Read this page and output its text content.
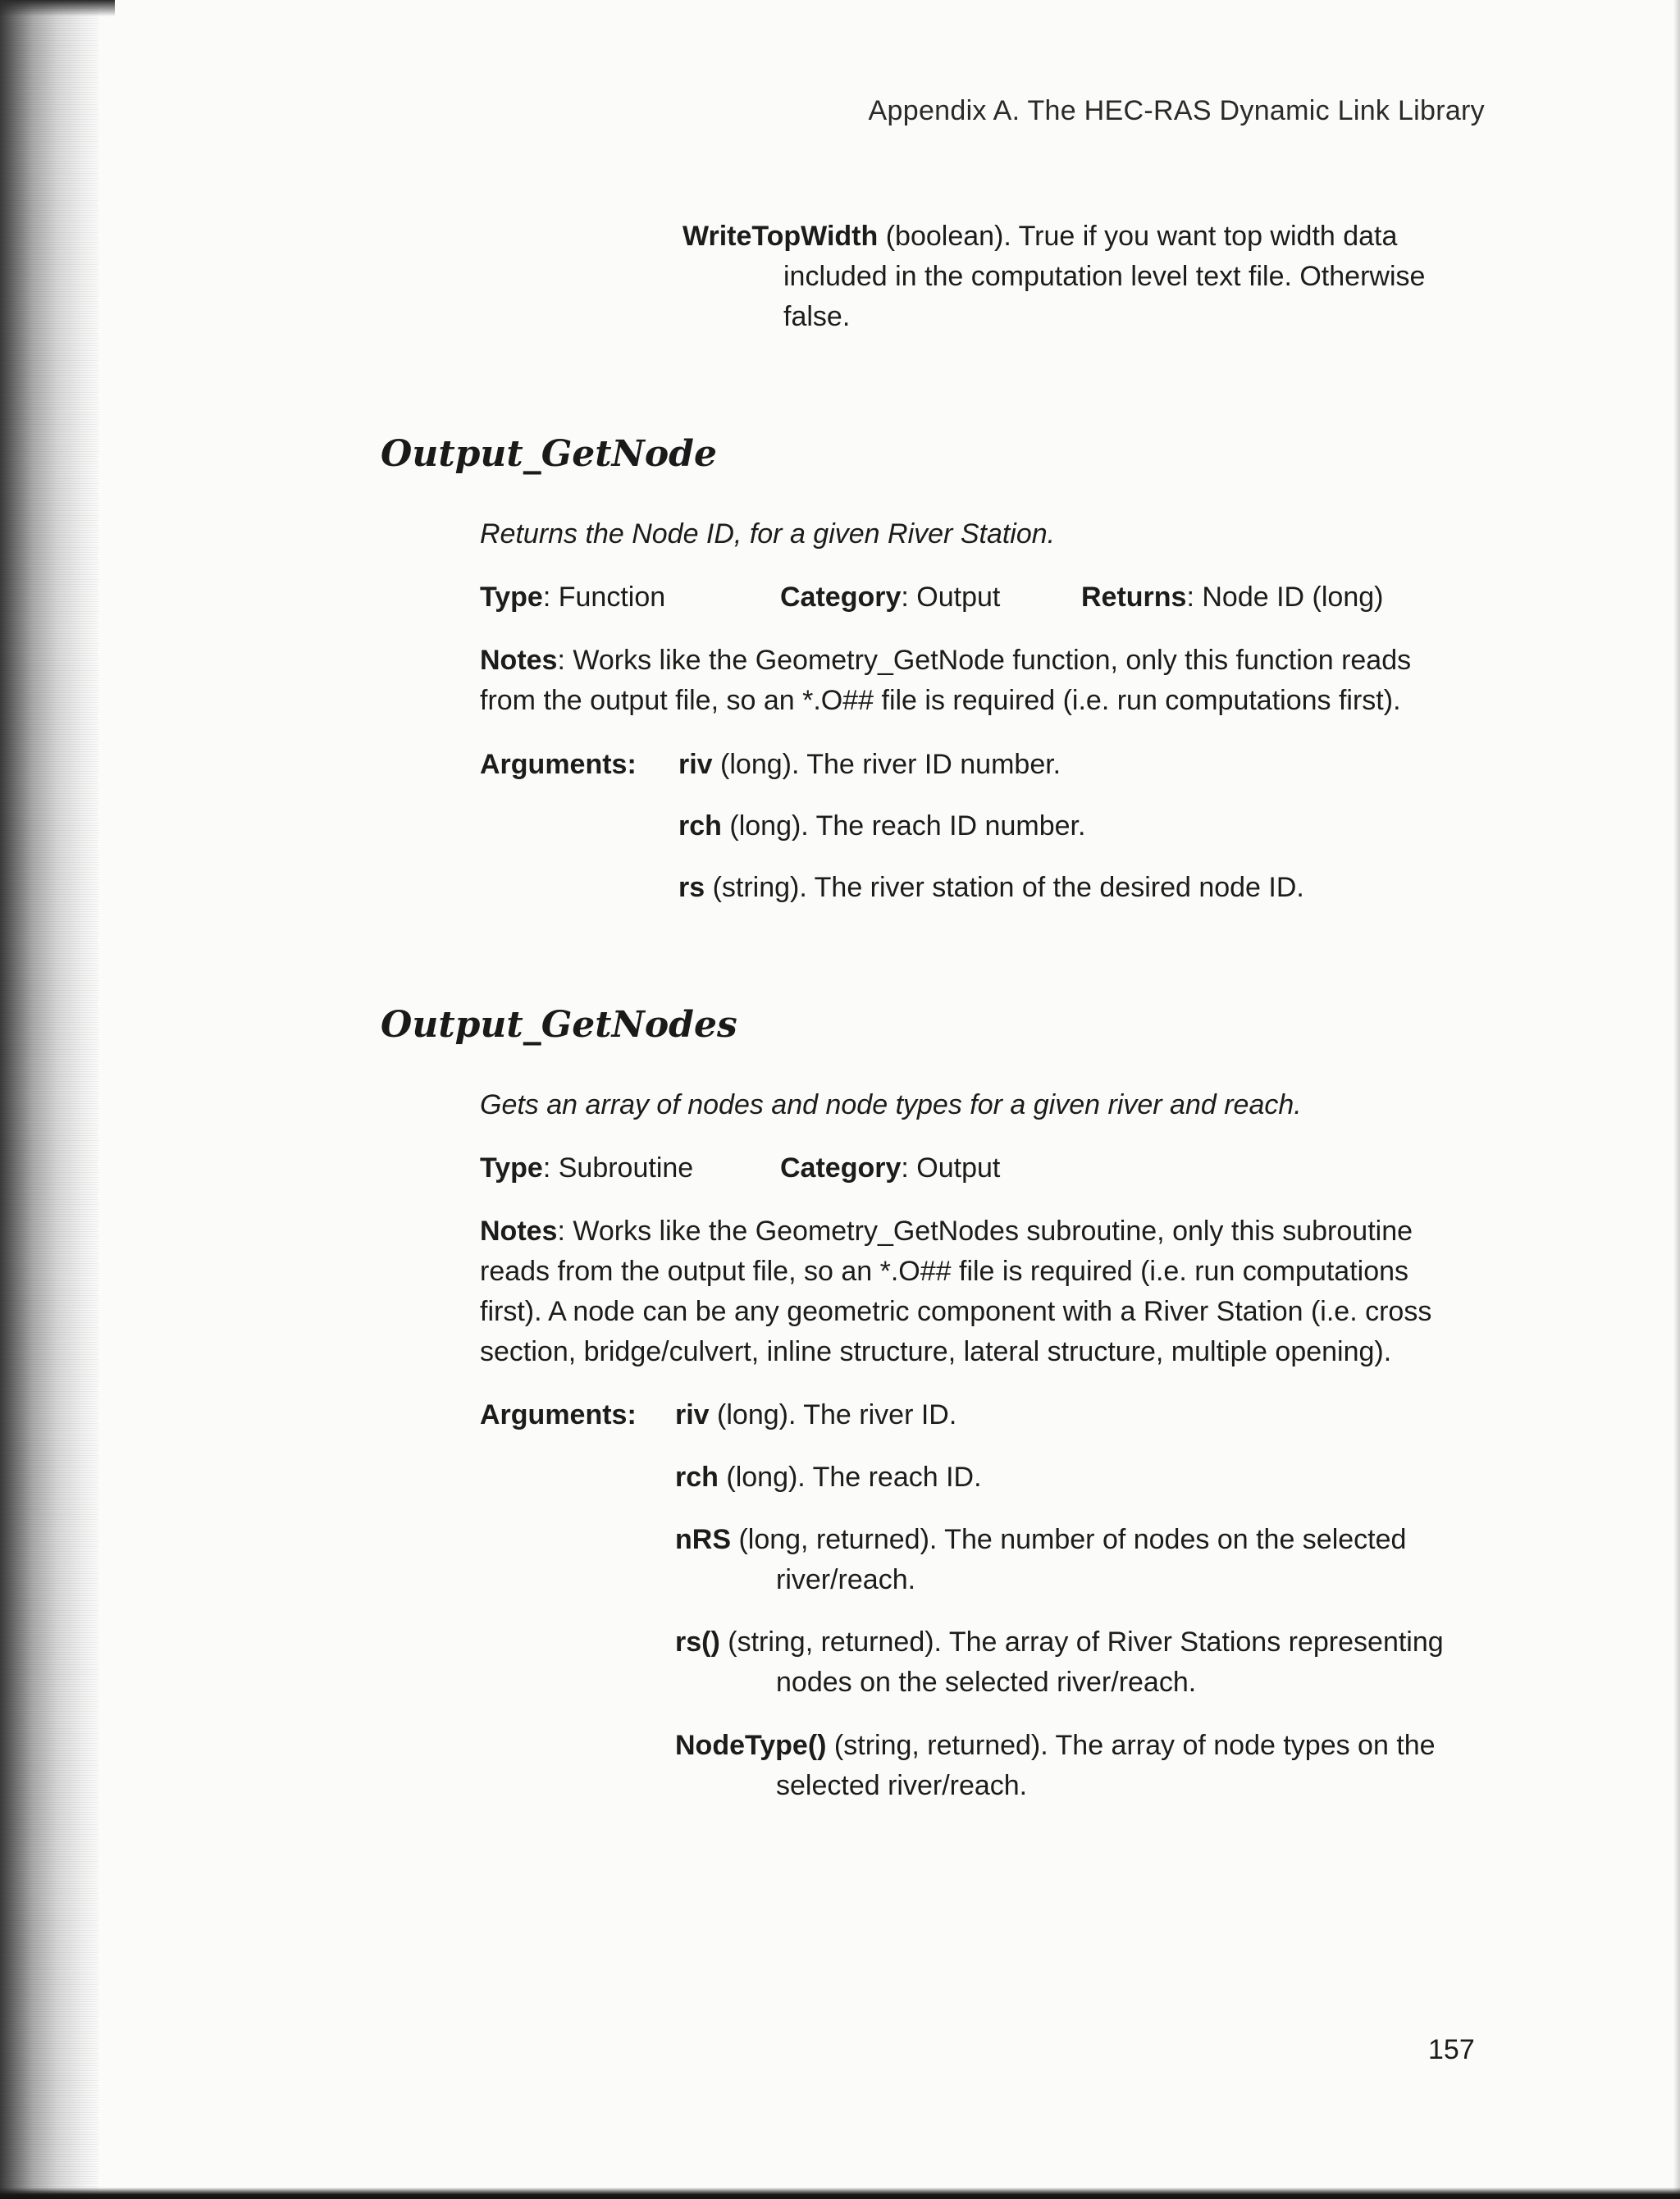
Appendix A. The HEC-RAS Dynamic Link Library
WriteTopWidth (boolean). True if you want top width data
included in the computation level text file. Otherwise
false.
Output_GetNode
Returns the Node ID, for a given River Station.
Type: Function	Category: Output	Returns: Node ID (long)
Notes: Works like the Geometry_GetNode function, only this function reads
from the output file, so an *.O## file is required (i.e. run computations first).
Arguments: riv (long). The river ID number.
rch (long). The reach ID number.
rs (string). The river station of the desired node ID.
Output_GetNodes
Gets an array of nodes and node types for a given river and reach.
Type: Subroutine	Category: Output
Notes: Works like the Geometry_GetNodes subroutine, only this subroutine
reads from the output file, so an *.O## file is required (i.e. run computations
first). A node can be any geometric component with a River Station (i.e. cross
section, bridge/culvert, inline structure, lateral structure, multiple opening).
Arguments: riv (long). The river ID.
rch (long). The reach ID.
nRS (long, returned). The number of nodes on the selected
river/reach.
rs() (string, returned). The array of River Stations representing
nodes on the selected river/reach.
NodeType() (string, returned). The array of node types on the
selected river/reach.
157
